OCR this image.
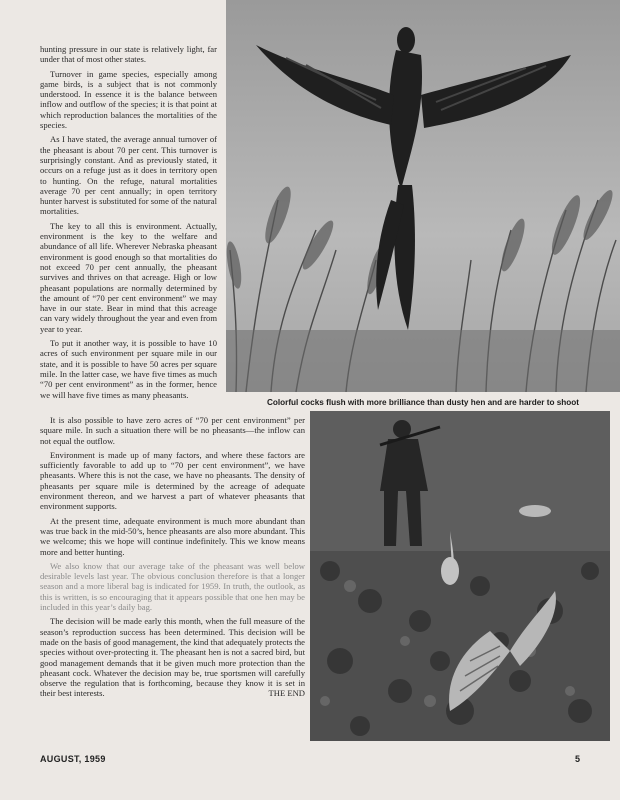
hunting pressure in our state is relatively light, far under that of most other states.

Turnover in game species, especially among game birds, is a subject that is not commonly understood. In essence it is the balance between inflow and outflow of the species; it is that point at which reproduction balances the mortalities of the species.

As I have stated, the average annual turnover of the pheasant is about 70 per cent. This turnover is surprisingly constant. And as previously stated, it occurs on a refuge just as it does in territory open to hunting. On the refuge, natural mortalities average 70 per cent annually; in open territory hunter harvest is substituted for some of the natural mortalities.

The key to all this is environment. Actually, environment is the key to the welfare and abundance of all life. Wherever Nebraska pheasant environment is good enough so that mortalities do not exceed 70 per cent annually, the pheasant survives and thrives on that acreage. High or low pheasant populations are normally determined by the amount of “70 per cent environment” we may have in our state. Bear in mind that this acreage can vary widely throughout the year and even from year to year.

To put it another way, it is possible to have 10 acres of such environment per square mile in our state, and it is possible to have 50 acres per square mile. In the latter case, we have five times as much “70 per cent environment” as in the former, hence we will have five times as many pheasants.

Colorful cocks flush with more brilliance than dusty hen and are harder to shoot

It is also possible to have zero acres of “70 per cent environment” per square mile. In such a situation there will be no pheasants—the inflow can not equal the outflow.

Environment is made up of many factors, and where these factors are sufficiently favorable to add up to “70 per cent environment”, we have pheasants. Where this is not the case, we have no pheasants. The density of pheasants per square mile is determined by the acreage of adequate environment thereon, and we harvest a part of whatever pheasants that environment supports.

At the present time, adequate environment is much more abundant than was true back in the mid-50’s, hence pheasants are also more abundant. This we welcome; this we hope will continue indefinitely. This we know means more and better hunting.

We also know that our average take of the pheasant was well below desirable levels last year. The obvious conclusion therefore is that a longer season and a more liberal bag is indicated for 1959. In truth, the outlook, as this is written, is so encouraging that it appears possible that one hen may be included in this year’s daily bag.

The decision will be made early this month, when the full measure of the season’s reproduction success has been determined. This decision will be made on the basis of good management, the kind that adequately protects the species without over-protecting it. The pheasant hen is not a sacred bird, but good management demands that it be given much more protection than the pheasant cock. Whatever the decision may be, true sportsmen will carefully observe the regulation that is forthcoming, because they know it is set in their best interests.	THE END

AUGUST, 1959	5
